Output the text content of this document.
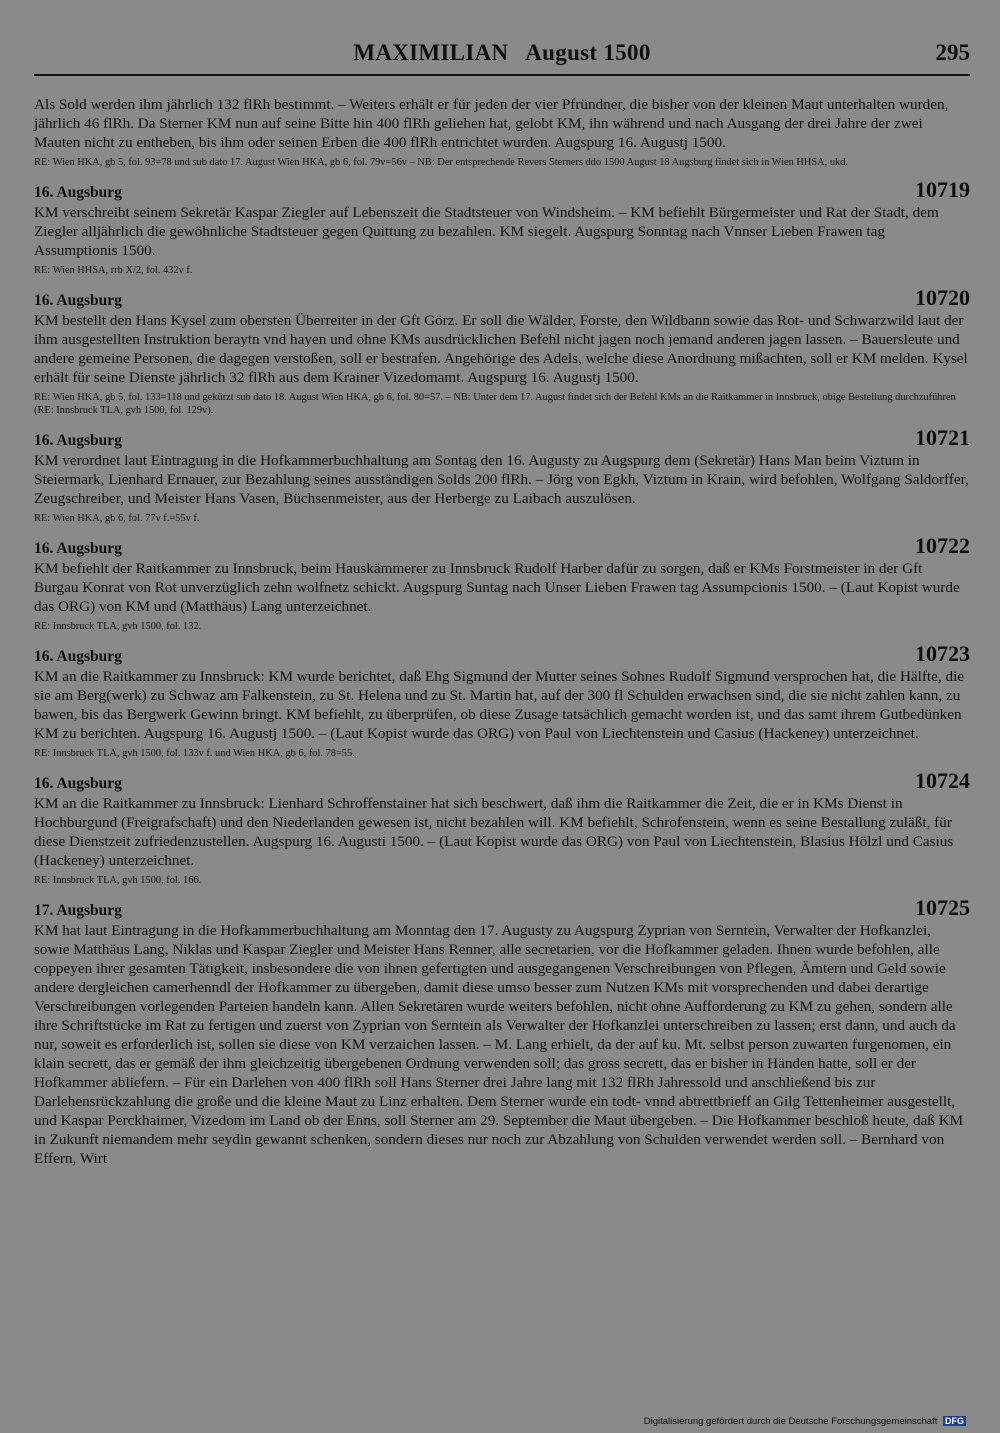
MAXIMILIAN   August 1500	295

Als Sold werden ihm jährlich 132 flRh bestimmt. – Weiters erhält er für jeden der vier Pfründner, die bisher von der kleinen Maut unterhalten wurden, jährlich 46 flRh. Da Sterner KM nun auf seine Bitte hin 400 flRh geliehen hat, gelobt KM, ihn während und nach Ausgang der drei Jahre der zwei Mauten nicht zu entheben, bis ihm oder seinen Erben die 400 flRh entrichtet wurden. Augspurg 16. Augustj 1500.

RE: Wien HKA, gb 5, fol. 93=78 und sub dato 17. August Wien HKA, gb 6, fol. 79v=56v – NB: Der entsprechende Revers Sterners ddo 1500 August 18 Augsburg findet sich in Wien HHSA, ukd.

16. Augsburg	10719

KM verschreibt seinem Sekretär Kaspar Ziegler auf Lebenszeit die Stadtsteuer von Windsheim. – KM befiehlt Bürgermeister und Rat der Stadt, dem Ziegler alljährlich die gewöhnliche Stadtsteuer gegen Quittung zu bezahlen. KM siegelt. Augspurg Sonntag nach Vnnser Lieben Frawen tag Assumptionis 1500.

RE: Wien HHSA, rrb X/2, fol. 432v f.

16. Augsburg	10720

KM bestellt den Hans Kysel zum obersten Überreiter in der Gft Görz. Er soll die Wälder, Forste, den Wildbann sowie das Rot- und Schwarzwild laut der ihm ausgestellten Instruktion beraytn vnd hayen und ohne KMs ausdrücklichen Befehl nicht jagen noch jemand anderen jagen lassen. – Bauersleute und andere gemeine Personen, die dagegen verstoßen, soll er bestrafen. Angehörige des Adels, welche diese Anordnung mißachten, soll er KM melden. Kysel erhält für seine Dienste jährlich 32 flRh aus dem Krainer Vizedomamt. Augspurg 16. Augustj 1500.

RE: Wien HKA, gb 5, fol. 133=118 und gekürzt sub dato 18. August Wien HKA, gb 6, fol. 80=57. – NB: Unter dem 17. August findet sich der Befehl KMs an die Raitkammer in Innsbruck, obige Bestellung durchzuführen (RE: Innsbruck TLA, gvh 1500, fol. 129v).

16. Augsburg	10721

KM verordnet laut Eintragung in die Hofkammerbuchhaltung am Sontag den 16. Augusty zu Augspurg dem (Sekretär) Hans Man beim Viztum in Steiermark, Lienhard Ernauer, zur Bezahlung seines ausständigen Solds 200 flRh. – Jörg von Egkh, Viztum in Krain, wird befohlen, Wolfgang Saldorffer, Zeugschreiber, und Meister Hans Vasen, Büchsenmeister, aus der Herberge zu Laibach auszulösen.

RE: Wien HKA, gb 6, fol. 77v f.=55v f.

16. Augsburg	10722

KM befiehlt der Raitkammer zu Innsbruck, beim Hauskämmerer zu Innsbruck Rudolf Harber dafür zu sorgen, daß er KMs Forstmeister in der Gft Burgau Konrat von Rot unverzüglich zehn wolfnetz schickt. Augspurg Suntag nach Unser Lieben Frawen tag Assumpcionis 1500. – (Laut Kopist wurde das ORG) von KM und (Matthäus) Lang unterzeichnet.

RE: Innsbruck TLA, gvh 1500, fol. 132.

16. Augsburg	10723

KM an die Raitkammer zu Innsbruck: KM wurde berichtet, daß Ehg Sigmund der Mutter seines Sohnes Rudolf Sigmund versprochen hat, die Hälfte, die sie am Berg(werk) zu Schwaz am Falkenstein, zu St. Helena und zu St. Martin hat, auf der 300 fl Schulden erwachsen sind, die sie nicht zahlen kann, zu bawen, bis das Bergwerk Gewinn bringt. KM befiehlt, zu überprüfen, ob diese Zusage tatsächlich gemacht worden ist, und das samt ihrem Gutbedünken KM zu berichten. Augspurg 16. Augustj 1500. – (Laut Kopist wurde das ORG) von Paul von Liechtenstein und Casius (Hackeney) unterzeichnet.

RE: Innsbruck TLA, gvh 1500, fol. 133v f. und Wien HKA, gb 6, fol. 78=55.

16. Augsburg	10724

KM an die Raitkammer zu Innsbruck: Lienhard Schroffenstainer hat sich beschwert, daß ihm die Raitkammer die Zeit, die er in KMs Dienst in Hochburgund (Freigrafschaft) und den Niederlanden gewesen ist, nicht bezahlen will. KM befiehlt, Schrofenstein, wenn es seine Bestallung zuläßt, für diese Dienstzeit zufriedenzustellen. Augspurg 16. Augusti 1500. – (Laut Kopist wurde das ORG) von Paul von Liechtenstein, Blasius Hölzl und Casius (Hackeney) unterzeichnet.

RE: Innsbruck TLA, gvh 1500, fol. 166.

17. Augsburg	10725

KM hat laut Eintragung in die Hofkammerbuchhaltung am Monntag den 17. Augusty zu Augspurg Zyprian von Serntein, Verwalter der Hofkanzlei, sowie Matthäus Lang, Niklas und Kaspar Ziegler und Meister Hans Renner, alle secretarien, vor die Hofkammer geladen. Ihnen wurde befohlen, alle coppeyen ihrer gesamten Tätigkeit, insbesondere die von ihnen gefertigten und ausgegangenen Verschreibungen von Pflegen, Ämtern und Geld sowie andere dergleichen camerhenndl der Hofkammer zu übergeben, damit diese umso besser zum Nutzen KMs mit vorsprechenden und dabei derartige Verschreibungen vorlegenden Parteien handeln kann. Allen Sekretären wurde weiters befohlen, nicht ohne Aufforderung zu KM zu gehen, sondern alle ihre Schriftstücke im Rat zu fertigen und zuerst von Zyprian von Serntein als Verwalter der Hofkanzlei unterschreiben zu lassen; erst dann, und auch da nur, soweit es erforderlich ist, sollen sie diese von KM verzaichen lassen. – M. Lang erhielt, da der auf ku. Mt. selbst person zuwarten furgenomen, ein klain secrett, das er gemäß der ihm gleichzeitig übergebenen Ordnung verwenden soll; das gross secrett, das er bisher in Händen hatte, soll er der Hofkammer abliefern. – Für ein Darlehen von 400 flRh soll Hans Sterner drei Jahre lang mit 132 flRh Jahressold und anschließend bis zur Darlehensrückzahlung die große und die kleine Maut zu Linz erhalten. Dem Sterner wurde ein todt- vnnd abtrettbrieff an Gilg Tettenheimer ausgestellt, und Kaspar Perckhaimer, Vizedom im Land ob der Enns, soll Sterner am 29. September die Maut übergeben. – Die Hofkammer beschloß heute, daß KM in Zukunft niemandem mehr seydin gewannt schenken, sondern dieses nur noch zur Abzahlung von Schulden verwendet werden soll. – Bernhard von Effern, Wirt

Digitalisierung gefördert durch die Deutsche Forschungsgemeinschaft DFG
